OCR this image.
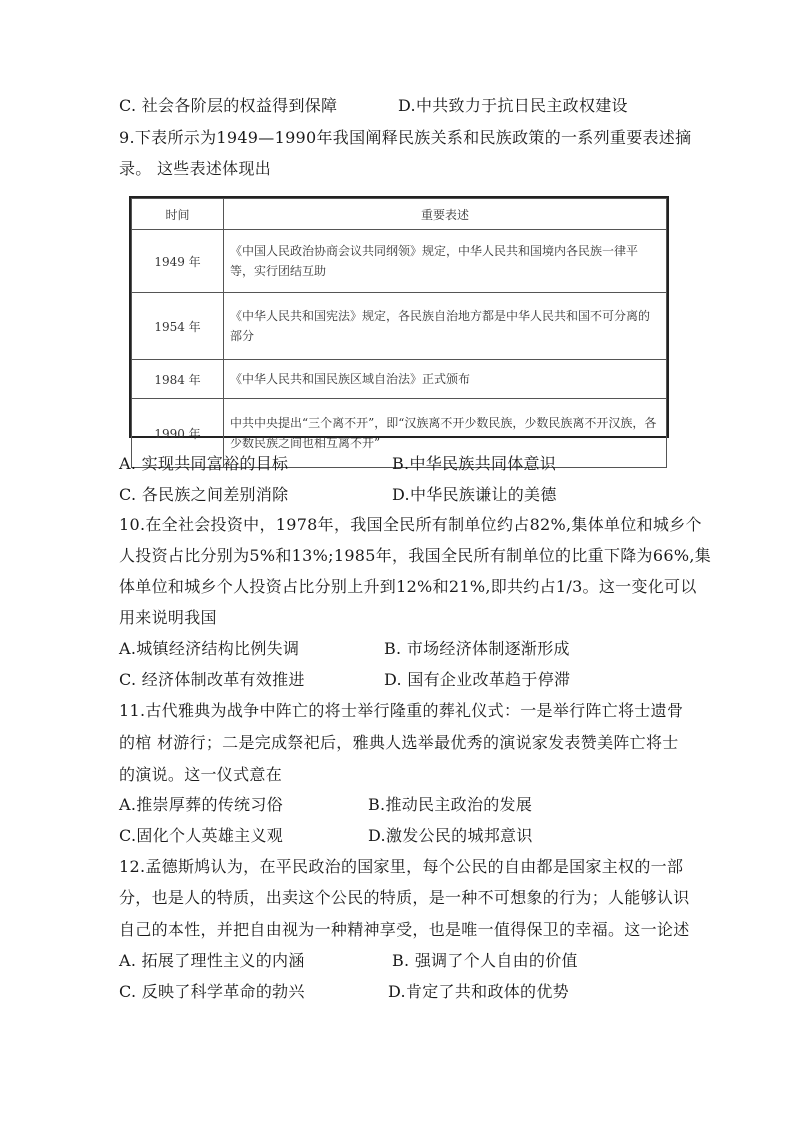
C. 社会各阶层的权益得到保障	D.中共致力于抗日民主政权建设
9.下表所示为1949—1990年我国阐释民族关系和民族政策的一系列重要表述摘
录。 这些表述体现出
时间	重要表述
1949 年	《中国人民政治协商会议共同纲领》规定，中华人民共和国境内各民族一律平等，实行团结互助
1954 年	《中华人民共和国宪法》规定，各民族自治地方都是中华人民共和国不可分离的部分
1984 年	《中华人民共和国民族区域自治法》正式颁布
1990 年	中共中央提出“三个离不开”，即“汉族离不开少数民族，少数民族离不开汉族，各少数民族之间也相互离不开”
A. 实现共同富裕的目标	B.中华民族共同体意识
C. 各民族之间差别消除	D.中华民族谦让的美德
10.在全社会投资中，1978年，我国全民所有制单位约占82%,集体单位和城乡个
人投资占比分别为5%和13%;1985年，我国全民所有制单位的比重下降为66%,集
体单位和城乡个人投资占比分别上升到12%和21%,即共约占1/3。这一变化可以
用来说明我国
A.城镇经济结构比例失调	B. 市场经济体制逐渐形成
C. 经济体制改革有效推进	D. 国有企业改革趋于停滞
11.古代雅典为战争中阵亡的将士举行隆重的葬礼仪式：一是举行阵亡将士遗骨
的棺 材游行；二是完成祭祀后，雅典人选举最优秀的演说家发表赞美阵亡将士
的演说。这一仪式意在
A.推崇厚葬的传统习俗	B.推动民主政治的发展
C.固化个人英雄主义观	D.激发公民的城邦意识
12.孟德斯鸠认为，在平民政治的国家里，每个公民的自由都是国家主权的一部
分，也是人的特质，出卖这个公民的特质，是一种不可想象的行为；人能够认识
自己的本性，并把自由视为一种精神享受，也是唯一值得保卫的幸福。这一论述
A. 拓展了理性主义的内涵	B. 强调了个人自由的价值
C. 反映了科学革命的勃兴	D.肯定了共和政体的优势
